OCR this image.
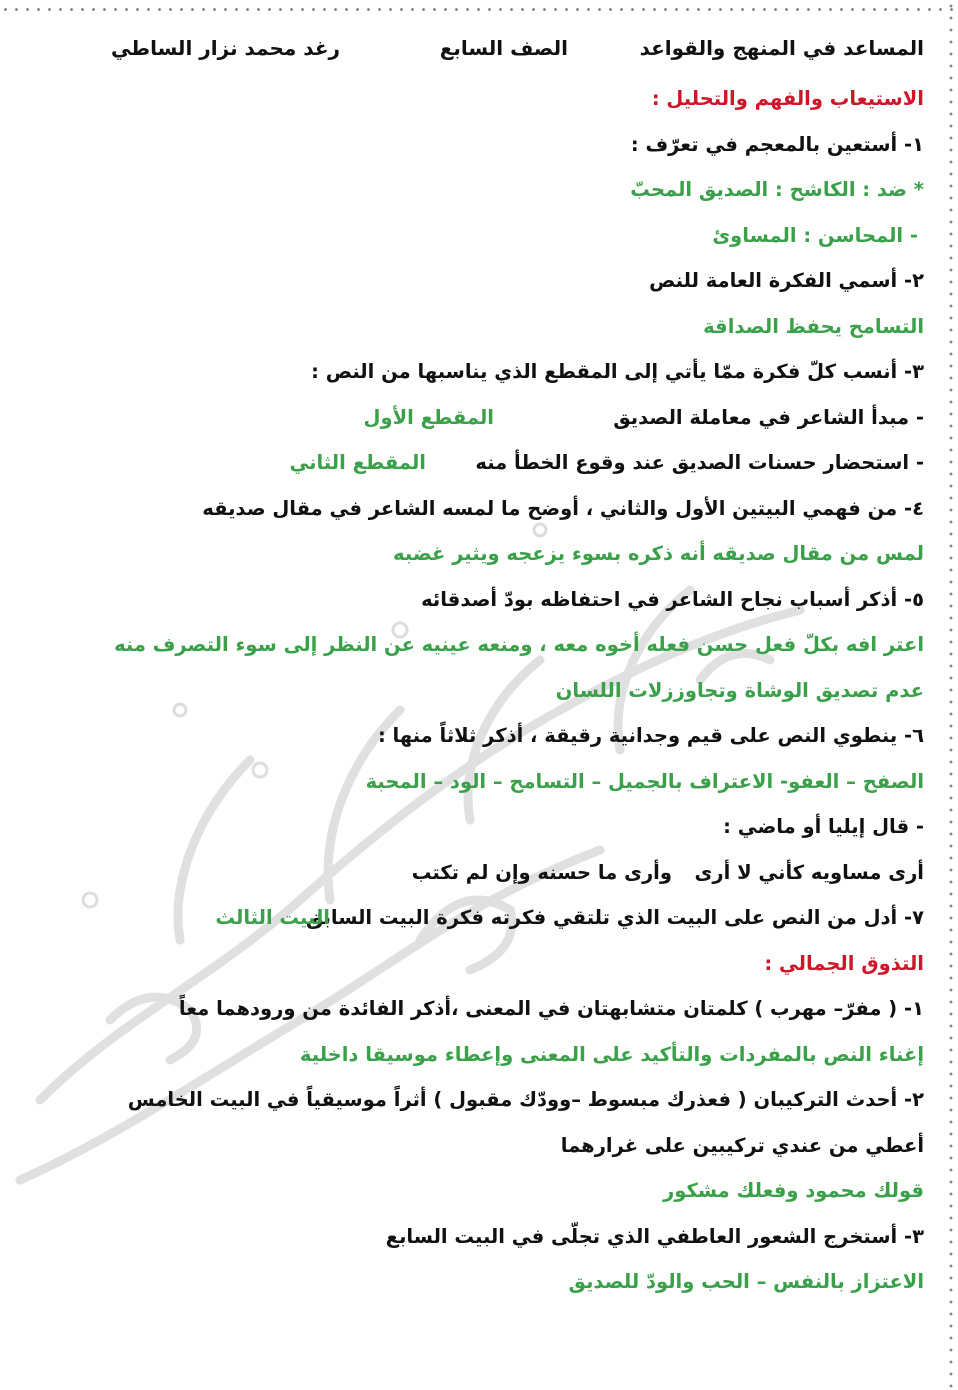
المساعد في المنهج والقواعد
الصف السابع
رغد محمد نزار الساطي
الاستيعاب والفهم والتحليل :
١- أستعين بالمعجم في تعرّف :
* ضد : الكاشح : الصديق المحبّ
- المحاسن : المساوئ
٢- أسمي الفكرة العامة للنص
التسامح يحفظ الصداقة
٣- أنسب كلّ فكرة ممّا يأتي إلى المقطع الذي يناسبها من النص :
- مبدأ الشاعر في معاملة الصديق
المقطع الأول
- استحضار حسنات الصديق عند وقوع الخطأ منه
المقطع الثاني
٤- من فهمي البيتين الأول والثاني ، أوضح ما لمسه الشاعر في مقال صديقه
لمس من مقال صديقه أنه ذكره بسوء يزعجه ويثير غضبه
٥- أذكر أسباب نجاح الشاعر في احتفاظه بودّ أصدقائه
اعتر افه بكلّ فعل حسن فعله أخوه معه ، ومنعه عينيه عن النظر إلى سوء التصرف منه
عدم تصديق الوشاة وتجاوززلات اللسان
٦- ينطوي النص على قيم وجدانية رقيقة ، أذكر ثلاثاً منها :
الصفح – العفو- الاعتراف بالجميل – التسامح – الود – المحبة
- قال إيليا أو ماضي :
أرى مساويه كأني لا أرى
وأرى ما حسنه وإن لم تكتب
٧- أدل من النص على البيت الذي تلتقي فكرته فكرة البيت السابق
البيت الثالث
التذوق الجمالي :
١- ( مفرّ– مهرب ) كلمتان متشابهتان في المعنى ،أذكر الفائدة من ورودهما معاً
إغناء النص بالمفردات والتأكيد على المعنى وإعطاء موسيقا داخلية
٢- أحدث التركيبان ( فعذرك مبسوط –وودّك مقبول ) أثراً موسيقياً في البيت الخامس
أعطي من عندي تركيبين على غرارهما
قولك محمود وفعلك مشكور
٣- أستخرج الشعور العاطفي الذي تجلّى في البيت السابع
الاعتزاز بالنفس – الحب والودّ للصديق
